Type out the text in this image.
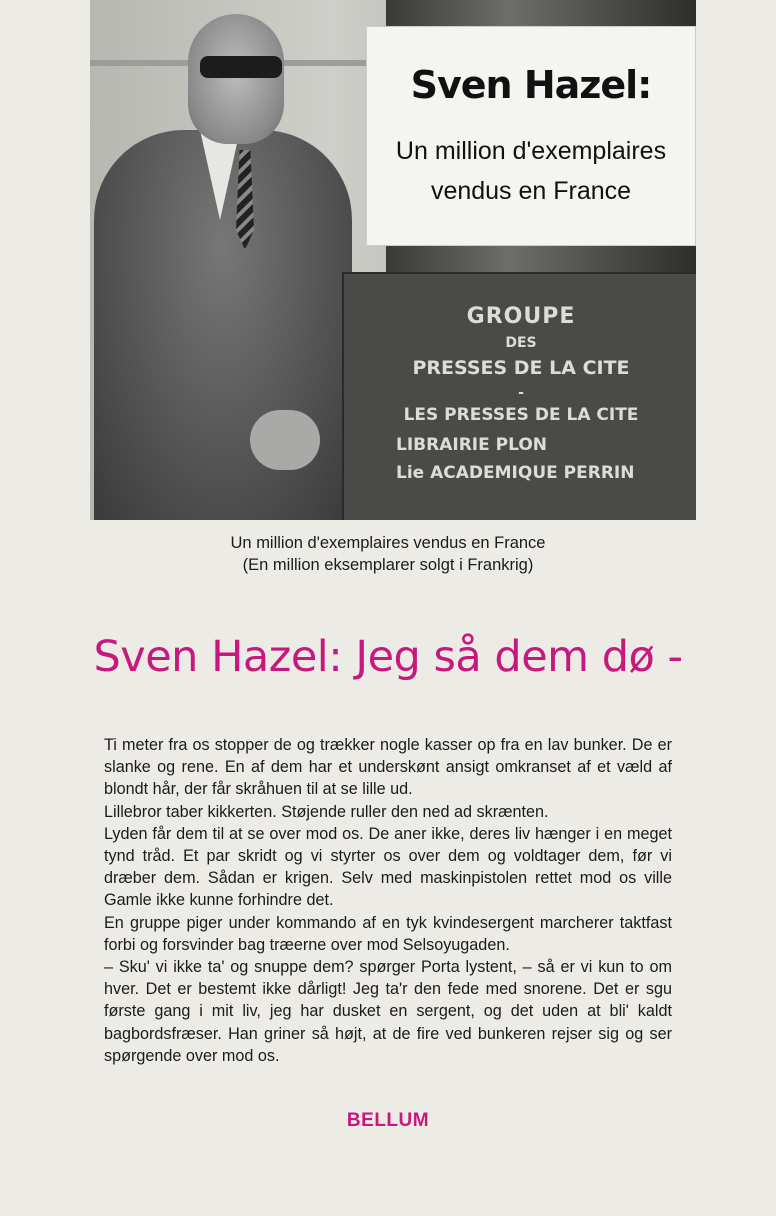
Sven Hazel:
Un million d'exemplaires
vendus en France
GROUPE
DES
PRESSES DE LA CITE
-
LES PRESSES DE LA CITE
LIBRAIRIE PLON
Lie ACADEMIQUE PERRIN
Un million d'exemplaires vendus en France
(En million eksemplarer solgt i Frankrig)
Sven Hazel: Jeg så dem dø -

Ti meter fra os stopper de og trækker nogle kasser op fra en lav bunker. De er slanke og rene. En af dem har et underskønt ansigt omkranset af et væld af blondt hår, der får skråhuen til at se lille ud.

Lillebror taber kikkerten. Støjende ruller den ned ad skrænten.

Lyden får dem til at se over mod os. De aner ikke, deres liv hænger i en meget tynd tråd. Et par skridt og vi styrter os over dem og voldtager dem, før vi dræber dem. Sådan er krigen. Selv med maskinpistolen rettet mod os ville Gamle ikke kunne forhindre det.

En gruppe piger under kommando af en tyk kvindesergent marcherer taktfast forbi og forsvinder bag træerne over mod Selsoyugaden.

– Sku' vi ikke ta' og snuppe dem? spørger Porta lystent, – så er vi kun to om hver. Det er bestemt ikke dårligt! Jeg ta'r den fede med snorene. Det er sgu første gang i mit liv, jeg har dusket en sergent, og det uden at bli' kaldt bagbordsfræser. Han griner så højt, at de fire ved bunkeren rejser sig og ser spørgende over mod os.

BELLUM
